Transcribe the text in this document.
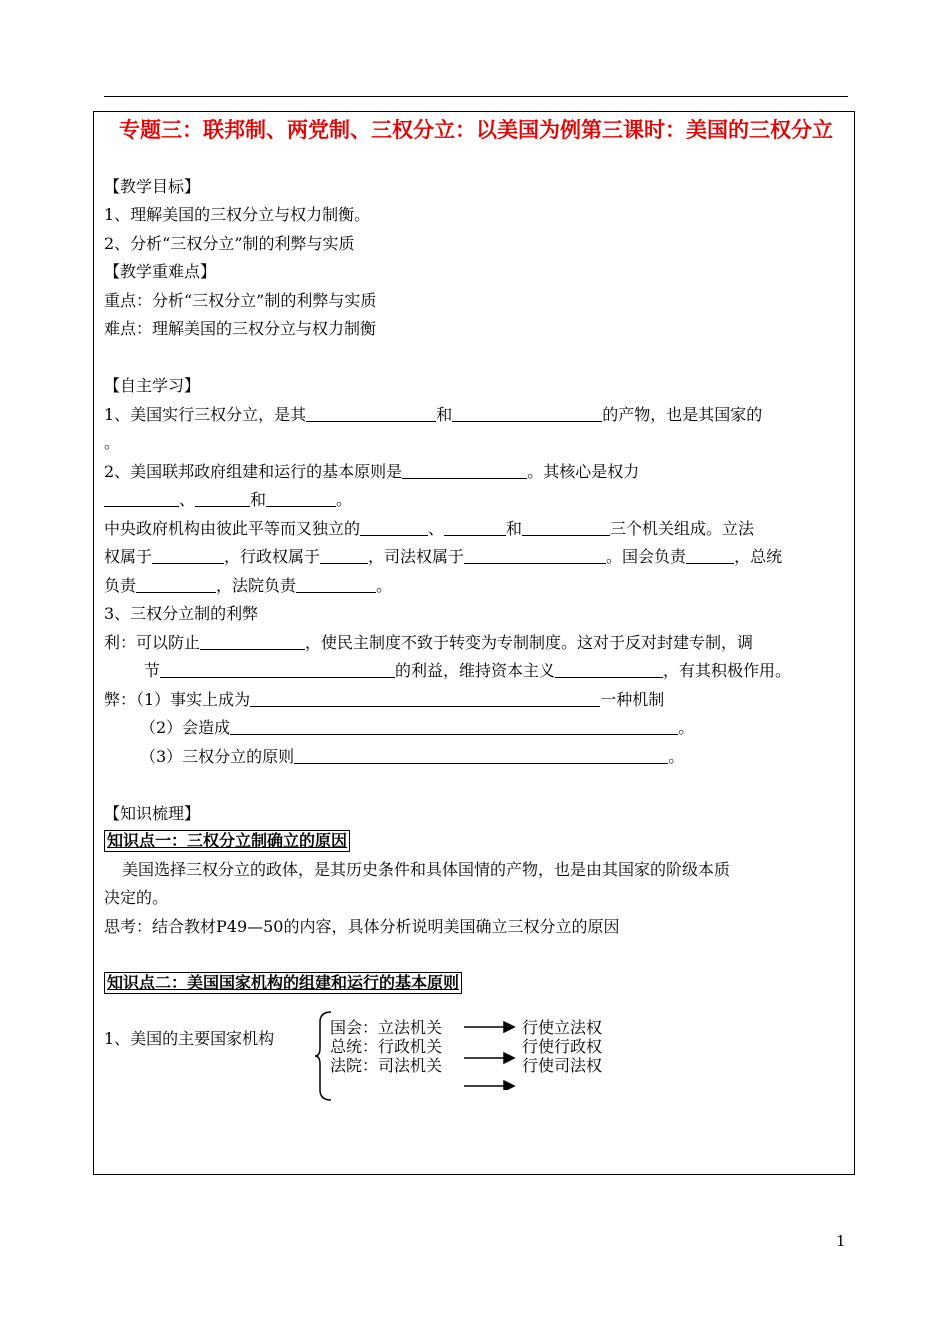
专题三：联邦制、两党制、三权分立：以美国为例第三课时：美国的三权分立
【教学目标】
1、理解美国的三权分立与权力制衡。
2、分析“三权分立”制的利弊与实质
【教学重难点】
重点：分析“三权分立”制的利弊与实质
难点：理解美国的三权分立与权力制衡
【自主学习】
1、美国实行三权分立，是其	和	的产物，也是其国家的
。
2、美国联邦政府组建和运行的基本原则是	。其核心是权力
、	和	。
中央政府机构由彼此平等而又独立的	、	和	三个机关组成。立法
权属于	，行政权属于	，司法权属于	。国会负责	，总统
负责	，法院负责	。
3、三权分立制的利弊
利：可以防止	，使民主制度不致于转变为专制制度。这对于反对封建专制，调
节	的利益，维持资本主义	，有其积极作用。
弊：（1）事实上成为	一种机制
（2）会造成	。
（3）三权分立的原则	。
【知识梳理】
知识点一：三权分立制确立的原因
美国选择三权分立的政体，是其历史条件和具体国情的产物，也是由其国家的阶级本质
决定的。
思考：结合教材P49—50的内容，具体分析说明美国确立三权分立的原因
知识点二：美国国家机构的组建和运行的基本原则
1、美国的主要国家机构
国会：立法机关
总统：行政机关
法院：司法机关
行使立法权
行使行政权
行使司法权
1
